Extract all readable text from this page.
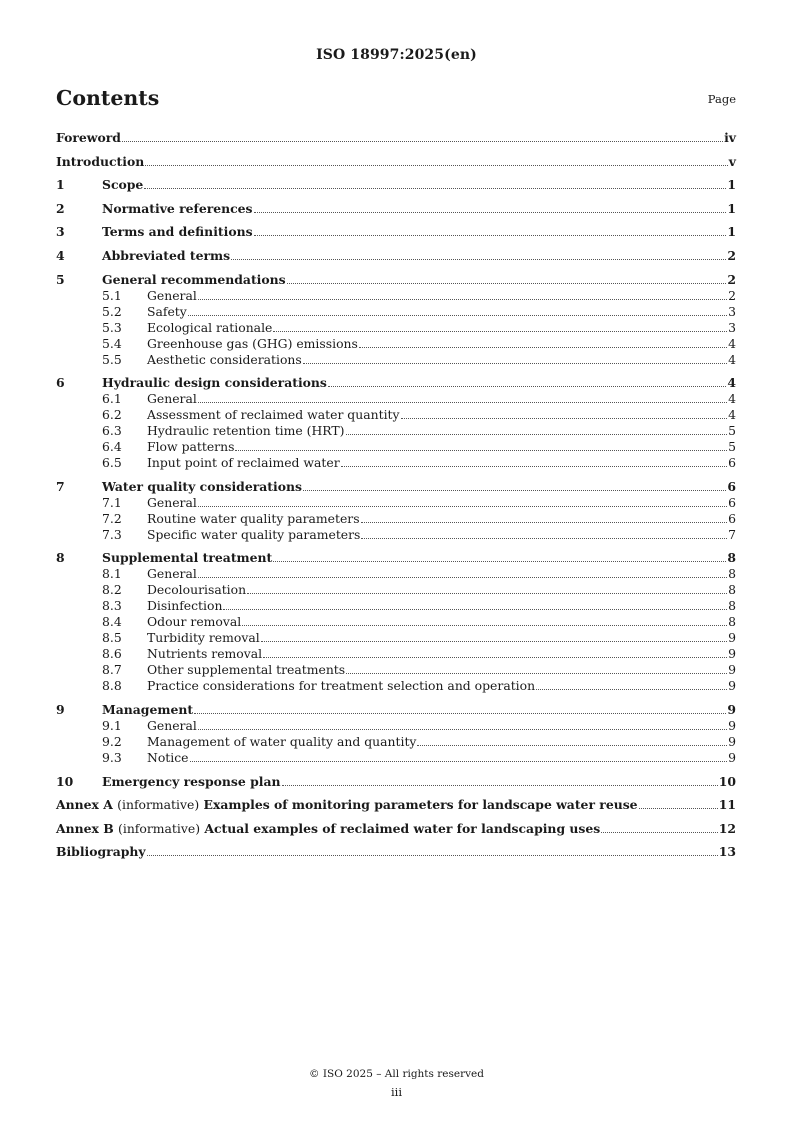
ISO 18997:2025(en)
Contents	Page
Foreword	iv
Introduction	v
1	Scope	1
2	Normative references	1
3	Terms and definitions	1
4	Abbreviated terms	2
5	General recommendations	2
5.1	General	2
5.2	Safety	3
5.3	Ecological rationale	3
5.4	Greenhouse gas (GHG) emissions	4
5.5	Aesthetic considerations	4
6	Hydraulic design considerations	4
6.1	General	4
6.2	Assessment of reclaimed water quantity	4
6.3	Hydraulic retention time (HRT)	5
6.4	Flow patterns	5
6.5	Input point of reclaimed water	6
7	Water quality considerations	6
7.1	General	6
7.2	Routine water quality parameters	6
7.3	Specific water quality parameters	7
8	Supplemental treatment	8
8.1	General	8
8.2	Decolourisation	8
8.3	Disinfection	8
8.4	Odour removal	8
8.5	Turbidity removal	9
8.6	Nutrients removal	9
8.7	Other supplemental treatments	9
8.8	Practice considerations for treatment selection and operation	9
9	Management	9
9.1	General	9
9.2	Management of water quality and quantity	9
9.3	Notice	9
10	Emergency response plan	10
Annex A (informative) Examples of monitoring parameters for landscape water reuse	11
Annex B (informative) Actual examples of reclaimed water for landscaping uses	12
Bibliography	13
© ISO 2025 – All rights reserved
iii
